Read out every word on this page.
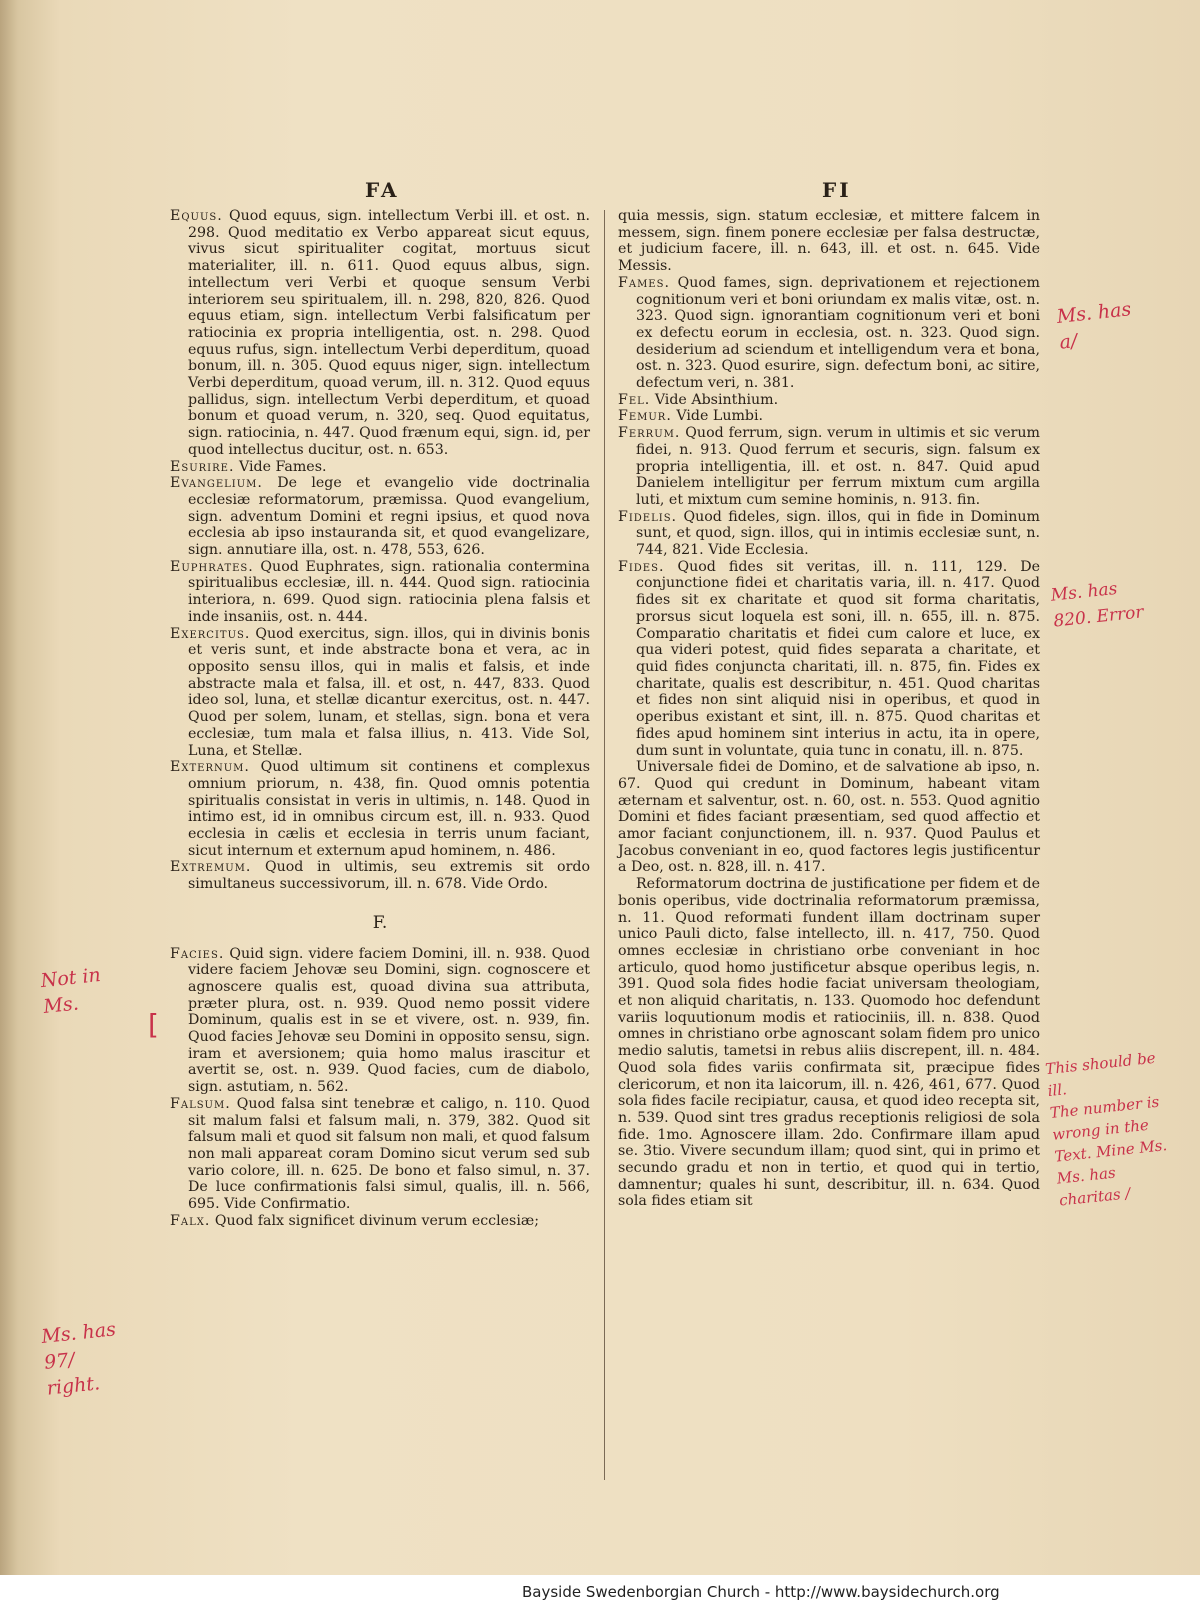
FA	FI

Equus. Quod equus, sign. intellectum Verbi ill. et ost. n. 298. Quod meditatio ex Verbo appareat sicut equus, vivus sicut spiritualiter cogitat, mortuus sicut materialiter, ill. n. 611. Quod equus albus, sign. intellectum veri Verbi et quoque sensum Verbi interiorem seu spiritualem, ill. n. 298, 820, 826. Quod equus etiam, sign. intellectum Verbi falsificatum per ratiocinia ex propria intelligentia, ost. n. 298. Quod equus rufus, sign. intellectum Verbi deperditum, quoad bonum, ill. n. 305. Quod equus niger, sign. intellectum Verbi deperditum, quoad verum, ill. n. 312. Quod equus pallidus, sign. intellectum Verbi deperditum, et quoad bonum et quoad verum, n. 320, seq. Quod equitatus, sign. ratiocinia, n. 447. Quod frænum equi, sign. id, per quod intellectus ducitur, ost. n. 653.

Esurire. Vide Fames.

Evangelium. De lege et evangelio vide doctrinalia ecclesiæ reformatorum, præmissa. Quod evangelium, sign. adventum Domini et regni ipsius, et quod nova ecclesia ab ipso instauranda sit, et quod evangelizare, sign. annutiare illa, ost. n. 478, 553, 626.

Euphrates. Quod Euphrates, sign. rationalia contermina spiritualibus ecclesiæ, ill. n. 444. Quod sign. ratiocinia interiora, n. 699. Quod sign. ratiocinia plena falsis et inde insaniis, ost. n. 444.

Exercitus. Quod exercitus, sign. illos, qui in divinis bonis et veris sunt, et inde abstracte bona et vera, ac in opposito sensu illos, qui in malis et falsis, et inde abstracte mala et falsa, ill. et ost, n. 447, 833. Quod ideo sol, luna, et stellæ dicantur exercitus, ost. n. 447. Quod per solem, lunam, et stellas, sign. bona et vera ecclesiæ, tum mala et falsa illius, n. 413. Vide Sol, Luna, et Stellæ.

Externum. Quod ultimum sit continens et complexus omnium priorum, n. 438, fin. Quod omnis potentia spiritualis consistat in veris in ultimis, n. 148. Quod in intimo est, id in omnibus circum est, ill. n. 933. Quod ecclesia in cælis et ecclesia in terris unum faciant, sicut internum et externum apud hominem, n. 486.

Extremum. Quod in ultimis, seu extremis sit ordo simultaneus successivorum, ill. n. 678. Vide Ordo.

F.

Facies. Quid sign. videre faciem Domini, ill. n. 938. Quod videre faciem Jehovæ seu Domini, sign. cognoscere et agnoscere qualis est, quoad divina sua attributa, præter plura, ost. n. 939. Quod nemo possit videre Dominum, qualis est in se et vivere, ost. n. 939, fin. Quod facies Jehovæ seu Domini in opposito sensu, sign. iram et aversionem; quia homo malus irascitur et avertit se, ost. n. 939. Quod facies, cum de diabolo, sign. astutiam, n. 562.

Falsum. Quod falsa sint tenebræ et caligo, n. 110. Quod sit malum falsi et falsum mali, n. 379, 382. Quod sit falsum mali et quod sit falsum non mali, et quod falsum non mali appareat coram Domino sicut verum sed sub vario colore, ill. n. 625. De bono et falso simul, n. 37. De luce confirmationis falsi simul, qualis, ill. n. 566, 695. Vide Confirmatio.

Falx. Quod falx significet divinum verum ecclesiæ;

quia messis, sign. statum ecclesiæ, et mittere falcem in messem, sign. finem ponere ecclesiæ per falsa destructæ, et judicium facere, ill. n. 643, ill. et ost. n. 645. Vide Messis.

Fames. Quod fames, sign. deprivationem et rejectionem cognitionum veri et boni oriundam ex malis vitæ, ost. n. 323. Quod sign. ignorantiam cognitionum veri et boni ex defectu eorum in ecclesia, ost. n. 323. Quod sign. desiderium ad sciendum et intelligendum vera et bona, ost. n. 323. Quod esurire, sign. defectum boni, ac sitire, defectum veri, n. 381.

Fel. Vide Absinthium.

Femur. Vide Lumbi.

Ferrum. Quod ferrum, sign. verum in ultimis et sic verum fidei, n. 913. Quod ferrum et securis, sign. falsum ex propria intelligentia, ill. et ost. n. 847. Quid apud Danielem intelligitur per ferrum mixtum cum argilla luti, et mixtum cum semine hominis, n. 913. fin.

Fidelis. Quod fideles, sign. illos, qui in fide in Dominum sunt, et quod, sign. illos, qui in intimis ecclesiæ sunt, n. 744, 821. Vide Ecclesia.

Fides. Quod fides sit veritas, ill. n. 111, 129. De conjunctione fidei et charitatis varia, ill. n. 417. Quod fides sit ex charitate et quod sit forma charitatis, prorsus sicut loquela est soni, ill. n. 655, ill. n. 875. Comparatio charitatis et fidei cum calore et luce, ex qua videri potest, quid fides separata a charitate, et quid fides conjuncta charitati, ill. n. 875, fin. Fides ex charitate, qualis est describitur, n. 451. Quod charitas et fides non sint aliquid nisi in operibus, et quod in operibus existant et sint, ill. n. 875. Quod charitas et fides apud hominem sint interius in actu, ita in opere, dum sunt in voluntate, quia tunc in conatu, ill. n. 875.

Universale fidei de Domino, et de salvatione ab ipso, n. 67. Quod qui credunt in Dominum, habeant vitam æternam et salventur, ost. n. 60, ost. n. 553. Quod agnitio Domini et fides faciant præsentiam, sed quod affectio et amor faciant conjunctionem, ill. n. 937. Quod Paulus et Jacobus conveniant in eo, quod factores legis justificentur a Deo, ost. n. 828, ill. n. 417.

Reformatorum doctrina de justificatione per fidem et de bonis operibus, vide doctrinalia reformatorum præmissa, n. 11. Quod reformati fundent illam doctrinam super unico Pauli dicto, false intellecto, ill. n. 417, 750. Quod omnes ecclesiæ in christiano orbe conveniant in hoc articulo, quod homo justificetur absque operibus legis, n. 391. Quod sola fides hodie faciat universam theologiam, et non aliquid charitatis, n. 133. Quomodo hoc defendunt variis loquutionum modis et ratiociniis, ill. n. 838. Quod omnes in christiano orbe agnoscant solam fidem pro unico medio salutis, tametsi in rebus aliis discrepent, ill. n. 484. Quod sola fides variis confirmata sit, præcipue fides clericorum, et non ita laicorum, ill. n. 426, 461, 677. Quod sola fides facile recipiatur, causa, et quod ideo recepta sit, n. 539. Quod sint tres gradus receptionis religiosi de sola fide. 1mo. Agnoscere illam. 2do. Confirmare illam apud se. 3tio. Vivere secundum illam; quod sint, qui in primo et secundo gradu et non in tertio, et quod qui in tertio, damnentur; quales hi sunt, describitur, ill. n. 634. Quod sola fides etiam sit

Ms. has
a/
Ms. has
820. Error
This should be
ill.
The number is
wrong in the
Text. Mine Ms.
Ms. has
charitas /
Not in
Ms.
Ms. has
97/
right.
[
Bayside Swedenborgian Church - http://www.baysidechurch.org
